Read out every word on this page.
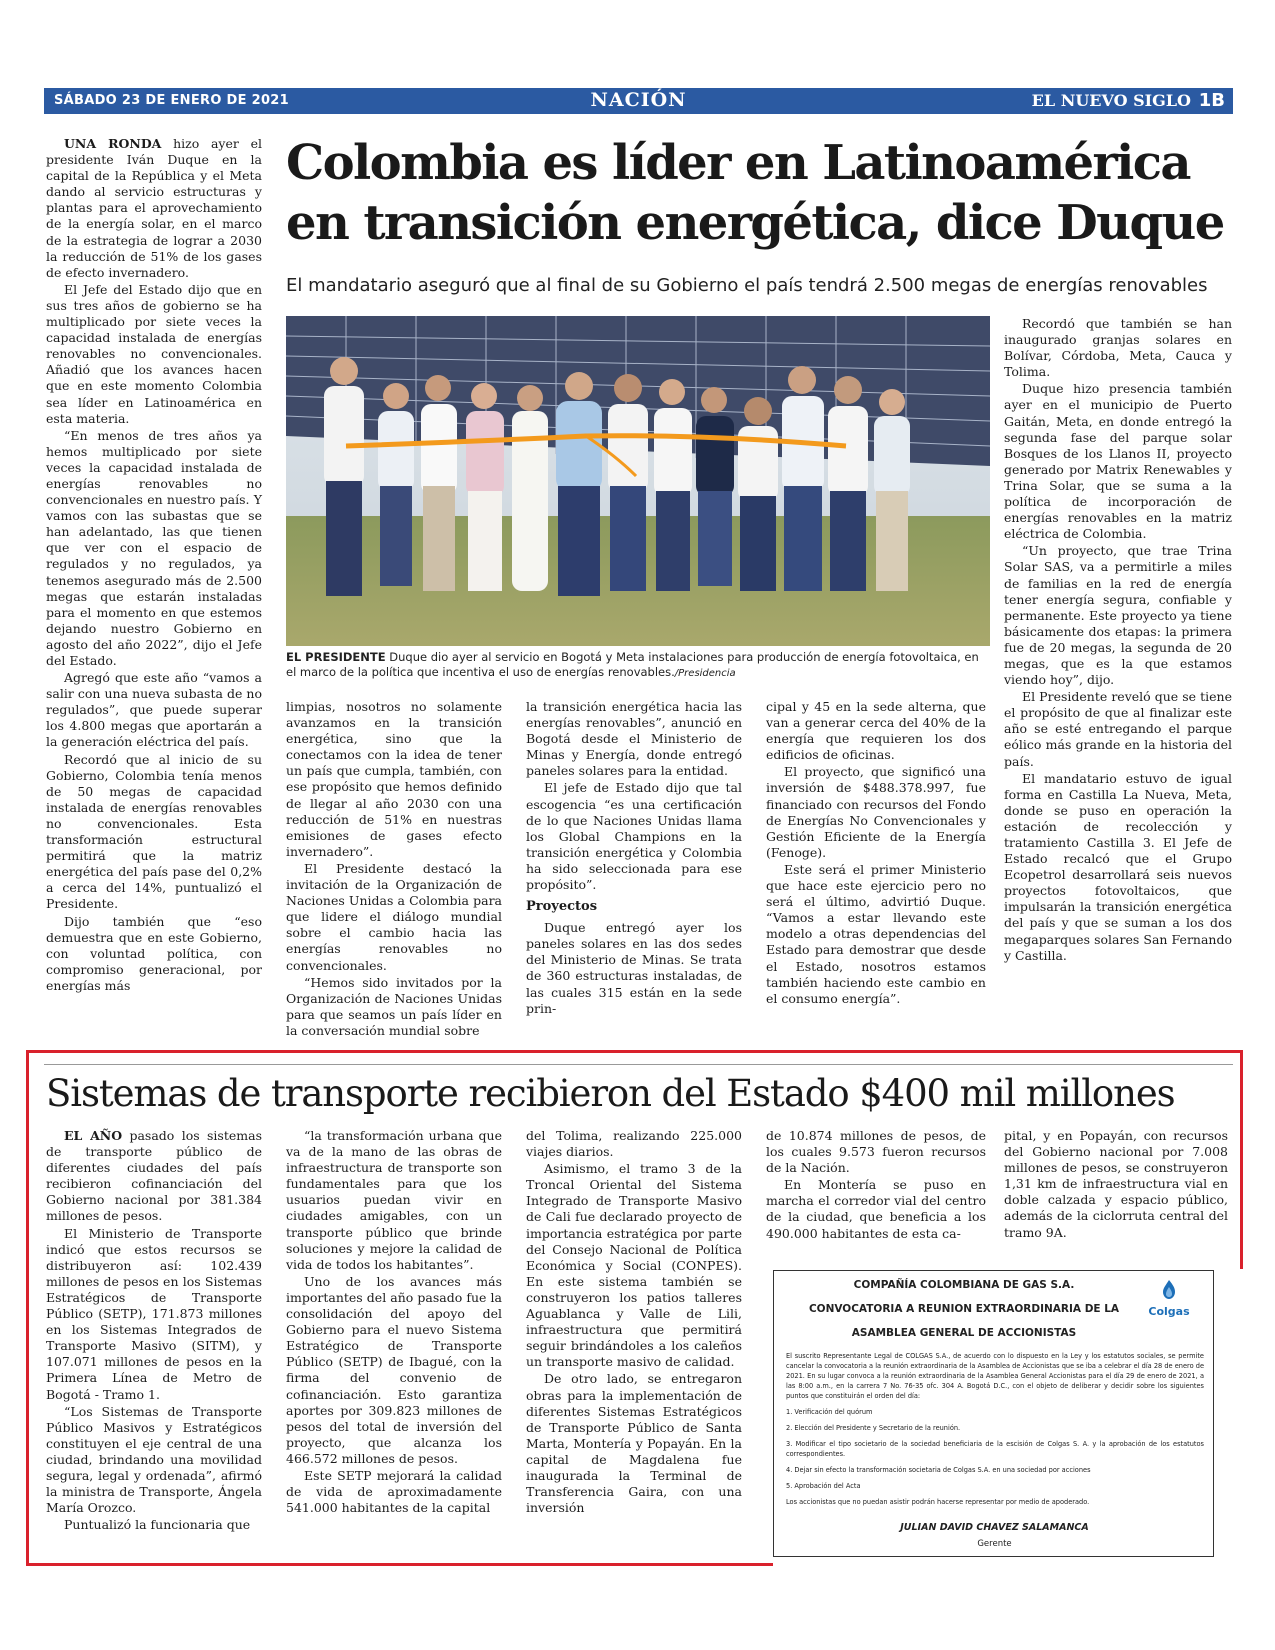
SÁBADO 23 DE ENERO DE 2021	NACIÓN	EL NUEVO SIGLO 1B

UNA RONDA hizo ayer el presidente Iván Duque en la capital de la República y el Meta dando al servicio estructuras y plantas para el aprovechamiento de la energía solar, en el marco de la estrategia de lograr a 2030 la reducción de 51% de los gases de efecto invernadero.

El Jefe del Estado dijo que en sus tres años de gobierno se ha multiplicado por siete veces la capacidad instalada de energías renovables no convencionales. Añadió que los avances hacen que en este momento Colombia sea líder en Latinoamérica en esta materia.

“En menos de tres años ya hemos multiplicado por siete veces la capacidad instalada de energías renovables no convencionales en nuestro país. Y vamos con las subastas que se han adelantado, las que tienen que ver con el espacio de regulados y no regulados, ya tenemos asegurado más de 2.500 megas que estarán instaladas para el momento en que estemos dejando nuestro Gobierno en agosto del año 2022”, dijo el Jefe del Estado.

Agregó que este año “vamos a salir con una nueva subasta de no regulados”, que puede superar los 4.800 megas que aportarán a la generación eléctrica del país.

Recordó que al inicio de su Gobierno, Colombia tenía menos de 50 megas de capacidad instalada de energías renovables no convencionales. Esta transformación estructural permitirá que la matriz energética del país pase del 0,2% a cerca del 14%, puntualizó el Presidente.

Dijo también que “eso demuestra que en este Gobierno, con voluntad política, con compromiso generacional, por energías más

Colombia es líder en Latinoamérica
en transición energética, dice Duque
El mandatario aseguró que al final de su Gobierno el país tendrá 2.500 megas de energías renovables
EL PRESIDENTE Duque dio ayer al servicio en Bogotá y Meta instalaciones para producción de energía fotovoltaica, en el marco de la política que incentiva el uso de energías renovables./Presidencia

limpias, nosotros no solamente avanzamos en la transición energética, sino que la conectamos con la idea de tener un país que cumpla, también, con ese propósito que hemos definido de llegar al año 2030 con una reducción de 51% en nuestras emisiones de gases efecto invernadero”.

El Presidente destacó la invitación de la Organización de Naciones Unidas a Colombia para que lidere el diálogo mundial sobre el cambio hacia las energías renovables no convencionales.

“Hemos sido invitados por la Organización de Naciones Unidas para que seamos un país líder en la conversación mundial sobre

la transición energética hacia las energías renovables”, anunció en Bogotá desde el Ministerio de Minas y Energía, donde entregó paneles solares para la entidad.

El jefe de Estado dijo que tal escogencia “es una certificación de lo que Naciones Unidas llama los Global Champions en la transición energética y Colombia ha sido seleccionada para ese propósito”.

Proyectos

Duque entregó ayer los paneles solares en las dos sedes del Ministerio de Minas. Se trata de 360 estructuras instaladas, de las cuales 315 están en la sede prin-

cipal y 45 en la sede alterna, que van a generar cerca del 40% de la energía que requieren los dos edificios de oficinas.

El proyecto, que significó una inversión de $488.378.997, fue financiado con recursos del Fondo de Energías No Convencionales y Gestión Eficiente de la Energía (Fenoge).

Este será el primer Ministerio que hace este ejercicio pero no será el último, advirtió Duque. “Vamos a estar llevando este modelo a otras dependencias del Estado para demostrar que desde el Estado, nosotros estamos también haciendo este cambio en el consumo energía”.

Recordó que también se han inaugurado granjas solares en Bolívar, Córdoba, Meta, Cauca y Tolima.

Duque hizo presencia también ayer en el municipio de Puerto Gaitán, Meta, en donde entregó la segunda fase del parque solar Bosques de los Llanos II, proyecto generado por Matrix Renewables y Trina Solar, que se suma a la política de incorporación de energías renovables en la matriz eléctrica de Colombia.

“Un proyecto, que trae Trina Solar SAS, va a permitirle a miles de familias en la red de energía tener energía segura, confiable y permanente. Este proyecto ya tiene básicamente dos etapas: la primera fue de 20 megas, la segunda de 20 megas, que es la que estamos viendo hoy”, dijo.

El Presidente reveló que se tiene el propósito de que al finalizar este año se esté entregando el parque eólico más grande en la historia del país.

El mandatario estuvo de igual forma en Castilla La Nueva, Meta, donde se puso en operación la estación de recolección y tratamiento Castilla 3. El Jefe de Estado recalcó que el Grupo Ecopetrol desarrollará seis nuevos proyectos fotovoltaicos, que impulsarán la transición energética del país y que se suman a los dos megaparques solares San Fernando y Castilla.

Sistemas de transporte recibieron del Estado $400 mil millones

EL AÑO pasado los sistemas de transporte público de diferentes ciudades del país recibieron cofinanciación del Gobierno nacional por 381.384 millones de pesos.

El Ministerio de Transporte indicó que estos recursos se distribuyeron así: 102.439 millones de pesos en los Sistemas Estratégicos de Transporte Público (SETP), 171.873 millones en los Sistemas Integrados de Transporte Masivo (SITM), y 107.071 millones de pesos en la Primera Línea de Metro de Bogotá - Tramo 1.

“Los Sistemas de Transporte Público Masivos y Estratégicos constituyen el eje central de una ciudad, brindando una movilidad segura, legal y ordenada”, afirmó la ministra de Transporte, Ángela María Orozco.

Puntualizó la funcionaria que

“la transformación urbana que va de la mano de las obras de infraestructura de transporte son fundamentales para que los usuarios puedan vivir en ciudades amigables, con un transporte público que brinde soluciones y mejore la calidad de vida de todos los habitantes”.

Uno de los avances más importantes del año pasado fue la consolidación del apoyo del Gobierno para el nuevo Sistema Estratégico de Transporte Público (SETP) de Ibagué, con la firma del convenio de cofinanciación. Esto garantiza aportes por 309.823 millones de pesos del total de inversión del proyecto, que alcanza los 466.572 millones de pesos.

Este SETP mejorará la calidad de vida de aproximadamente 541.000 habitantes de la capital

del Tolima, realizando 225.000 viajes diarios.

Asimismo, el tramo 3 de la Troncal Oriental del Sistema Integrado de Transporte Masivo de Cali fue declarado proyecto de importancia estratégica por parte del Consejo Nacional de Política Económica y Social (CONPES). En este sistema también se construyeron los patios talleres Aguablanca y Valle de Lili, infraestructura que permitirá seguir brindándoles a los caleños un transporte masivo de calidad.

De otro lado, se entregaron obras para la implementación de diferentes Sistemas Estratégicos de Transporte Público de Santa Marta, Montería y Popayán. En la capital de Magdalena fue inaugurada la Terminal de Transferencia Gaira, con una inversión

de 10.874 millones de pesos, de los cuales 9.573 fueron recursos de la Nación.

En Montería se puso en marcha el corredor vial del centro de la ciudad, que beneficia a los 490.000 habitantes de esta ca-

pital, y en Popayán, con recursos del Gobierno nacional por 7.008 millones de pesos, se construyeron 1,31 km de infraestructura vial en doble calzada y espacio público, además de la ciclorruta central del tramo 9A.

COMPAÑÍA COLOMBIANA DE GAS S.A.
CONVOCATORIA A REUNION EXTRAORDINARIA DE LA
ASAMBLEA GENERAL DE ACCIONISTAS
Colgas

El suscrito Representante Legal de COLGAS S.A., de acuerdo con lo dispuesto en la Ley y los estatutos sociales, se permite cancelar la convocatoria a la reunión extraordinaria de la Asamblea de Accionistas que se iba a celebrar el día 28 de enero de 2021. En su lugar convoca a la reunión extraordinaria de la Asamblea General Accionistas para el día 29 de enero de 2021, a las 8:00 a.m., en la carrera 7 No. 76-35 ofc. 304 A. Bogotá D.C., con el objeto de deliberar y decidir sobre los siguientes puntos que constituirán el orden del día:

1. Verificación del quórum

2. Elección del Presidente y Secretario de la reunión.

3. Modificar el tipo societario de la sociedad beneficiaria de la escisión de Colgas S. A. y la aprobación de los estatutos correspondientes.

4. Dejar sin efecto la transformación societaria de Colgas S.A. en una sociedad por acciones

5. Aprobación del Acta

Los accionistas que no puedan asistir podrán hacerse representar por medio de apoderado.

JULIAN DAVID CHAVEZ SALAMANCA
Gerente
